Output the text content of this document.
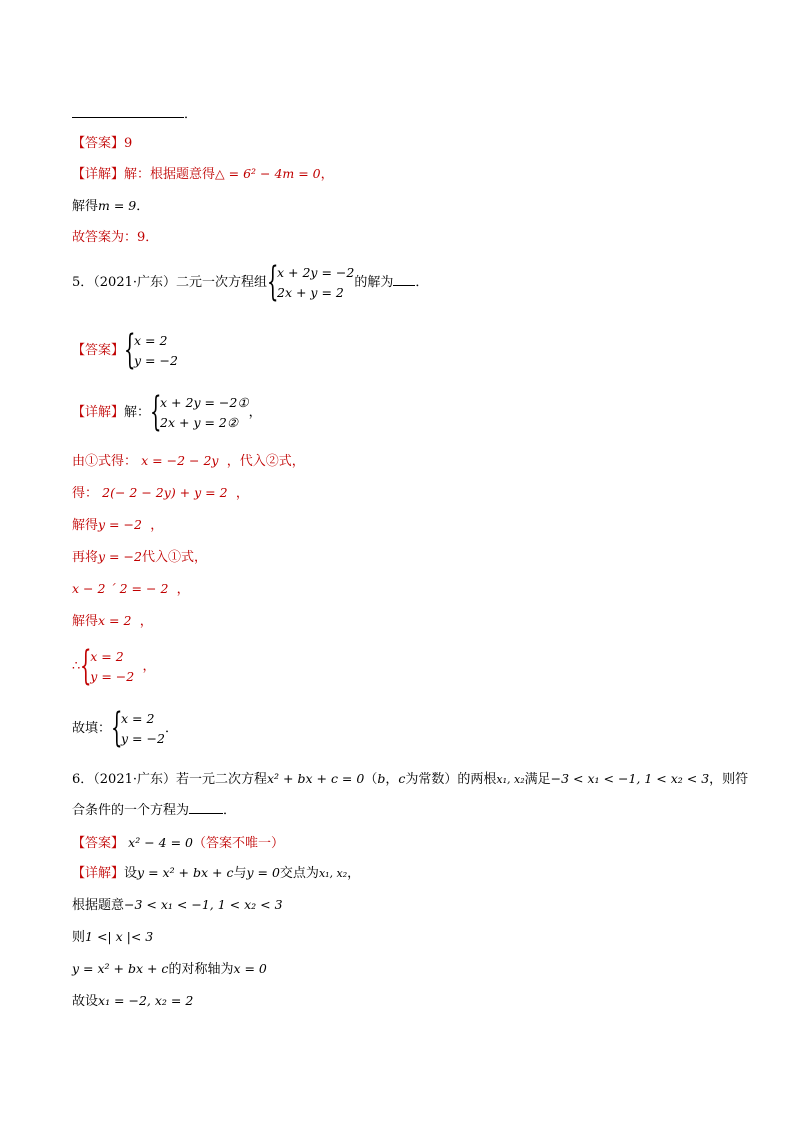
．
【答案】9
【详解】解：根据题意得△ = 6² − 4m = 0，
解得m = 9．
故答案为：9．
5．（2021·广东）二元一次方程组 {
x + 2y = −2
2x + y = 2
的解为 ．
【答案】 {
x = 2
y = −2
【详解】解： {
x + 2y = −2①
2x + y = 2②
，
由①式得： x = −2 − 2y ，代入②式，
得： 2(− 2 − 2y) + y = 2 ，
解得y = −2 ，
再将y = −2代入①式，
x − 2 ´ 2 = − 2 ，
解得x = 2 ，
∴ {
x = 2
y = −2
，
故填： {
x = 2
y = −2
．
6．（2021·广东）若一元二次方程x² + bx + c = 0（b，c为常数）的两根x₁, x₂满足−3 < x₁ < −1, 1 < x₂ < 3，则符
合条件的一个方程为	．
【答案】 x² − 4 = 0（答案不唯一）
【详解】设y = x² + bx + c与y = 0交点为x₁, x₂，
根据题意−3 < x₁ < −1, 1 < x₂ < 3
则1 <| x |< 3
y = x² + bx + c的对称轴为x = 0
故设x₁ = −2, x₂ = 2
